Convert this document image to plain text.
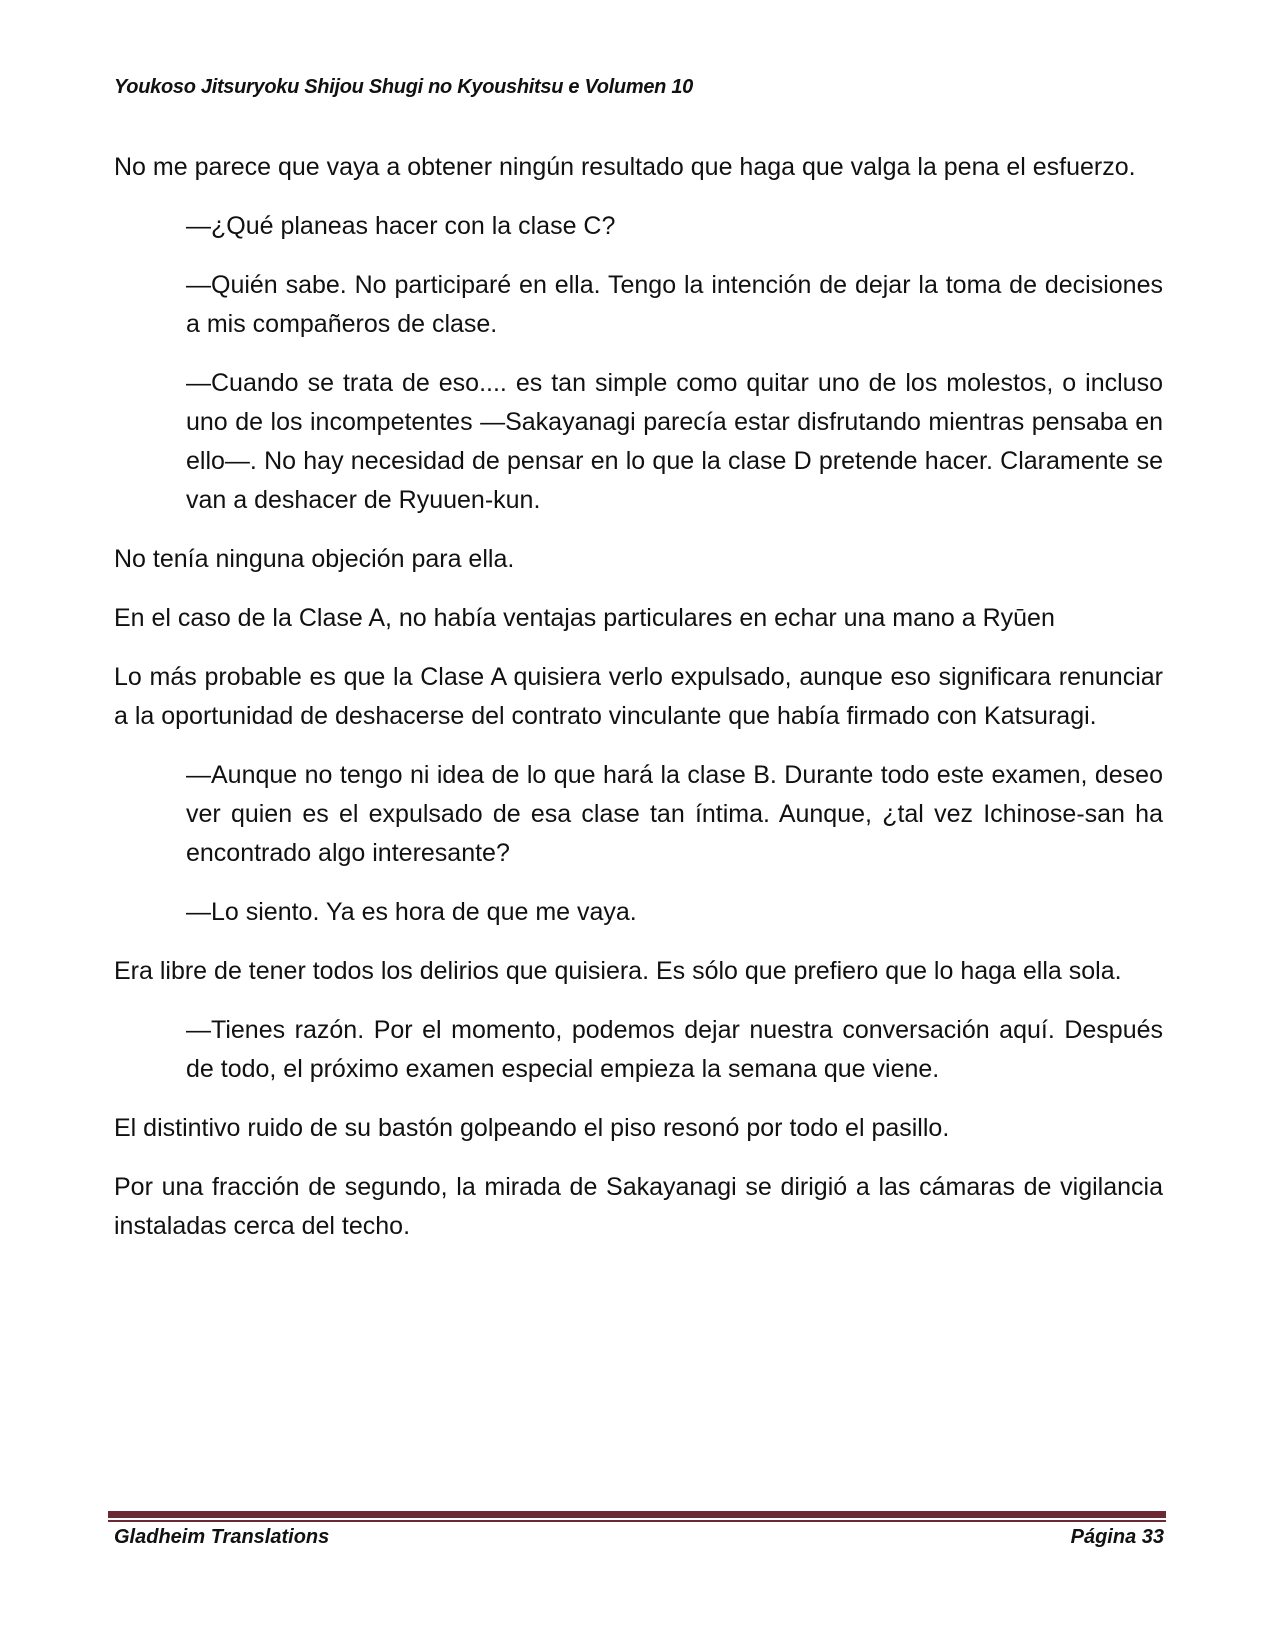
Youkoso Jitsuryoku Shijou Shugi no Kyoushitsu e Volumen 10

No me parece que vaya a obtener ningún resultado que haga que valga la pena el esfuerzo.

—¿Qué planeas hacer con la clase C?

—Quién sabe. No participaré en ella. Tengo la intención de dejar la toma de decisiones a mis compañeros de clase.

—Cuando se trata de eso.... es tan simple como quitar uno de los molestos, o incluso uno de los incompetentes —Sakayanagi parecía estar disfrutando mientras pensaba en ello—. No hay necesidad de pensar en lo que la clase D pretende hacer. Claramente se van a deshacer de Ryuuen-kun.

No tenía ninguna objeción para ella.

En el caso de la Clase A, no había ventajas particulares en echar una mano a Ryūen

Lo más probable es que la Clase A quisiera verlo expulsado, aunque eso significara renunciar a la oportunidad de deshacerse del contrato vinculante que había firmado con Katsuragi.

—Aunque no tengo ni idea de lo que hará la clase B. Durante todo este examen, deseo ver quien es el expulsado de esa clase tan íntima. Aunque, ¿tal vez Ichinose-san ha encontrado algo interesante?

—Lo siento. Ya es hora de que me vaya.

Era libre de tener todos los delirios que quisiera. Es sólo que prefiero que lo haga ella sola.

—Tienes razón. Por el momento, podemos dejar nuestra conversación aquí. Después de todo, el próximo examen especial empieza la semana que viene.

El distintivo ruido de su bastón golpeando el piso resonó por todo el pasillo.

Por una fracción de segundo, la mirada de Sakayanagi se dirigió a las cámaras de vigilancia instaladas cerca del techo.

Gladheim Translations	Página 33
